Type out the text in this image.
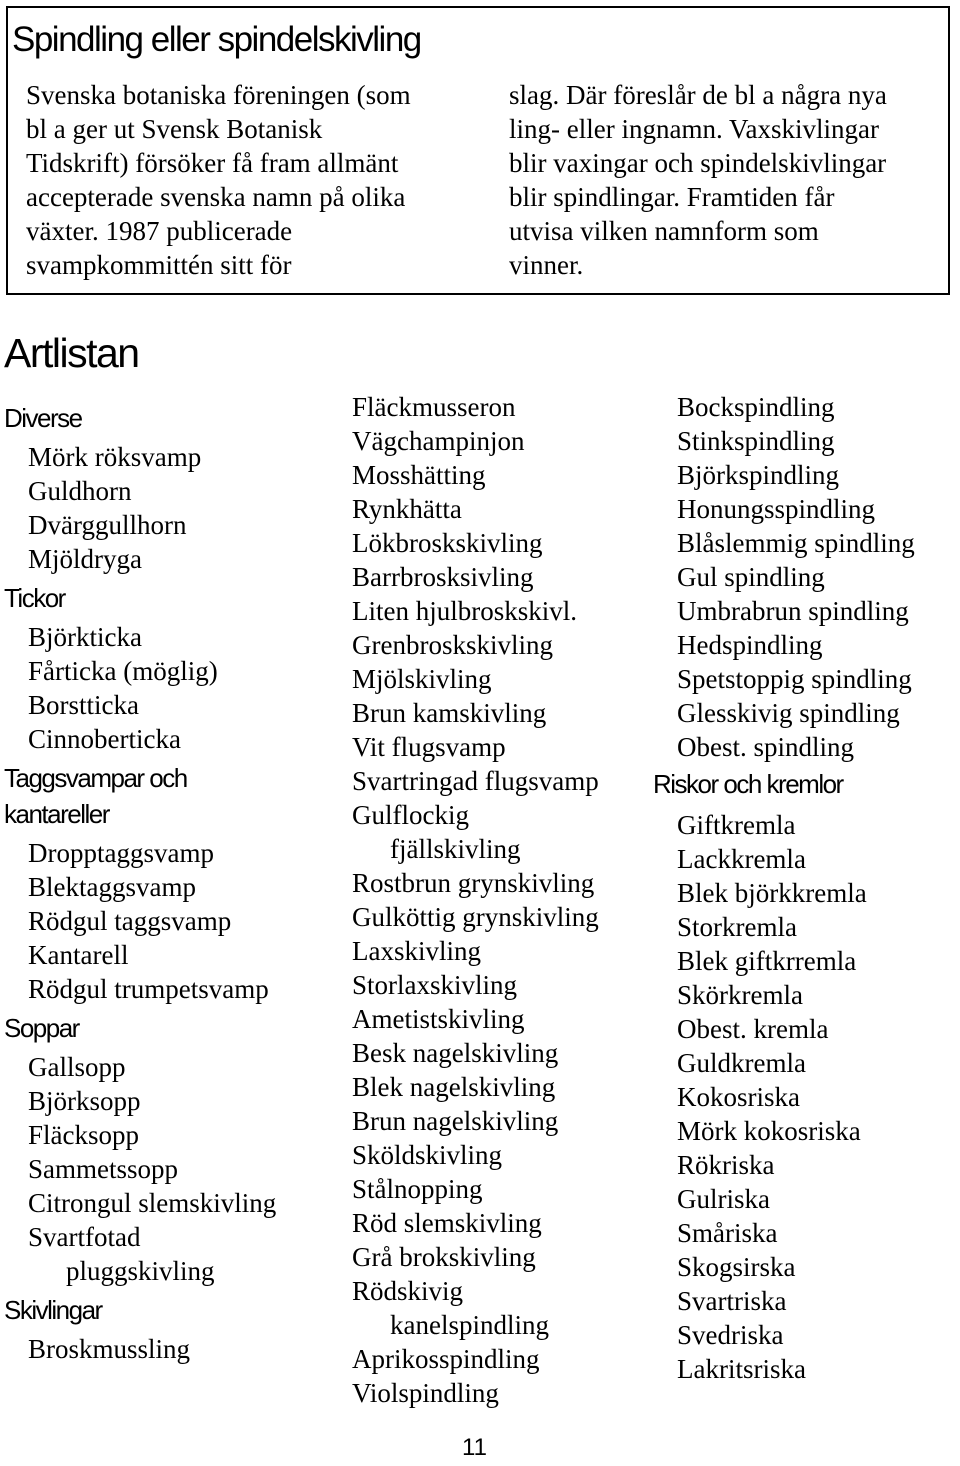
Spindling eller spindelskivling
Svenska botaniska föreningen (som
bl a ger ut Svensk Botanisk
Tidskrift) försöker få fram allmänt
accepterade svenska namn på olika
växter. 1987 publicerade
svampkommittén sitt för
slag. Där föreslår de bl a några nya
ling- eller ingnamn. Vaxskivlingar
blir vaxingar och spindelskivlingar
blir spindlingar. Framtiden får
utvisa vilken namnform som
vinner.
Artlistan
Diverse
Mörk röksvamp
Guldhorn
Dvärggullhorn
Mjöldryga
Tickor
Björkticka
Fårticka (möglig)
Borstticka
Cinnoberticka
Taggsvampar och
kantareller
Dropptaggsvamp
Blektaggsvamp
Rödgul taggsvamp
Kantarell
Rödgul trumpetsvamp
Soppar
Gallsopp
Björksopp
Fläcksopp
Sammetssopp
Citrongul slemskivling
Svartfotad
pluggskivling
Skivlingar
Broskmussling
Fläckmusseron
Vägchampinjon
Mosshätting
Rynkhätta
Lökbroskskivling
Barrbrosksivling
Liten hjulbroskskivl.
Grenbroskskivling
Mjölskivling
Brun kamskivling
Vit flugsvamp
Svartringad flugsvamp
Gulflockig
fjällskivling
Rostbrun grynskivling
Gulköttig grynskivling
Laxskivling
Storlaxskivling
Ametistskivling
Besk nagelskivling
Blek nagelskivling
Brun nagelskivling
Sköldskivling
Stålnopping
Röd slemskivling
Grå brokskivling
Rödskivig
kanelspindling
Aprikosspindling
Violspindling
Bockspindling
Stinkspindling
Björkspindling
Honungsspindling
Blåslemmig spindling
Gul spindling
Umbrabrun spindling
Hedspindling
Spetstoppig spindling
Glesskivig spindling
Obest. spindling
Riskor och kremlor
Giftkremla
Lackkremla
Blek björkkremla
Storkremla
Blek giftkrremla
Skörkremla
Obest. kremla
Guldkremla
Kokosriska
Mörk kokosriska
Rökriska
Gulriska
Småriska
Skogsirska
Svartriska
Svedriska
Lakritsriska
11
